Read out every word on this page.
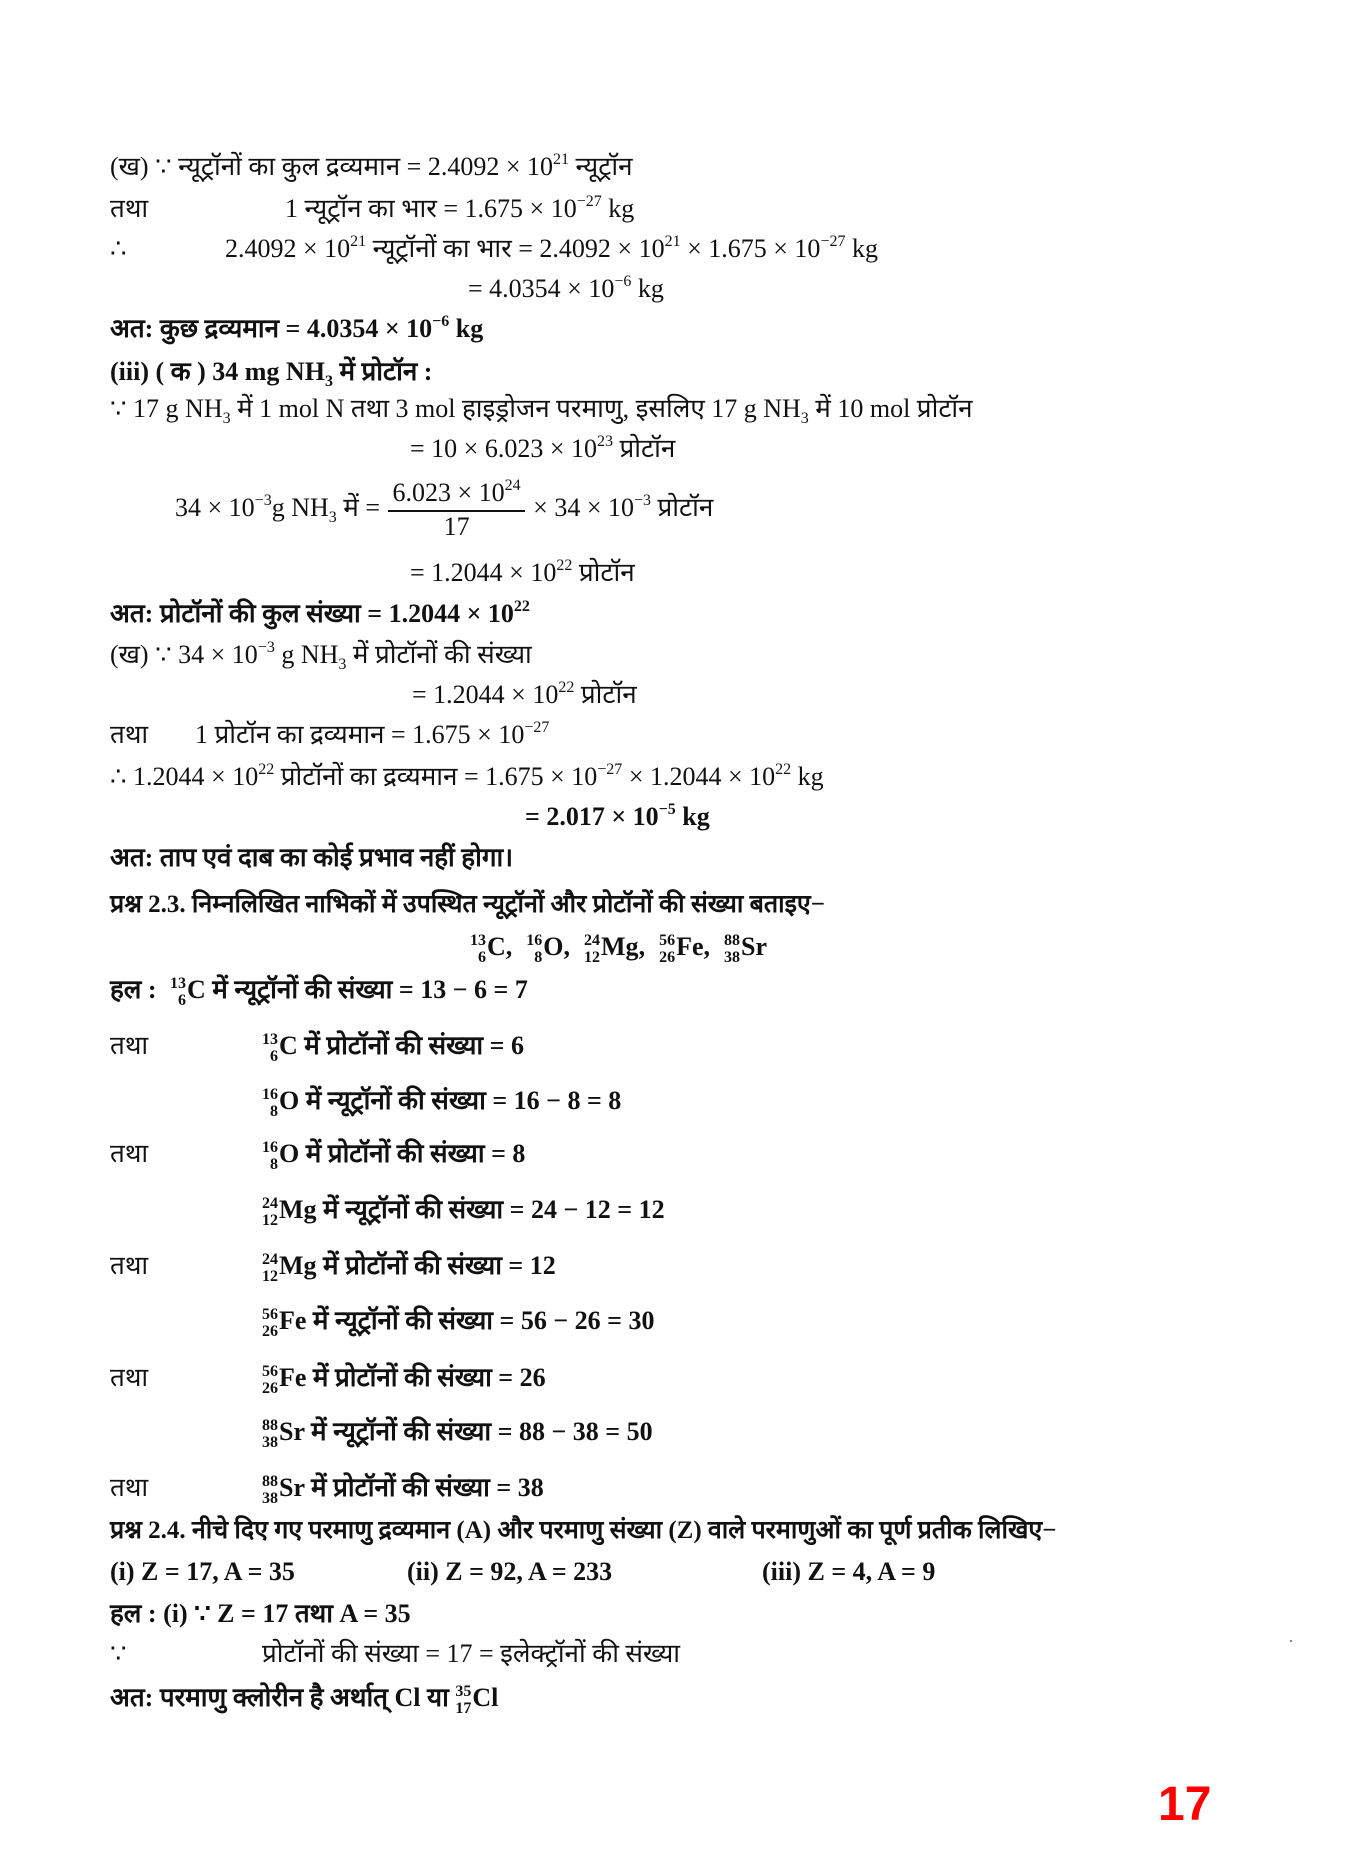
(ख) ∵ न्यूट्रॉनों का कुल द्रव्यमान = $2.4092 \times 10^{21}$ न्यूट्रॉन
तथा	1 न्यूट्रॉन का भार = $1.675 \times 10^{-27}$ kg
∴	$2.4092 \times 10^{21}$ न्यूट्रॉनों का भार = $2.4092 \times 10^{21} \times 1.675 \times 10^{-27}$ kg
= $4.0354 \times 10^{-6}$ kg
अत: कुछ द्रव्यमान = $4.0354 \times 10^{-6}$ kg
(iii) ( क ) 34 mg $NH_3$ में प्रोटॉन :
∵ 17 g $NH_3$ में 1 mol N तथा 3 mol हाइड्रोजन परमाणु, इसलिए 17 g $NH_3$ में 10 mol प्रोटॉन
= $10 \times 6.023 \times 10^{23}$ प्रोटॉन
$34 \times 10^{-3}g$ $NH_3$ में = $\frac{6.023 \times 10^{24}}{17} \times 34 \times 10^{-3}$ प्रोटॉन
= $1.2044 \times 10^{22}$ प्रोटॉन
अत: प्रोटॉनों की कुल संख्या = $1.2044 \times 10^{22}$
(ख) ∵ $34 \times 10^{-3}$ g $NH_3$ में प्रोटॉनों की संख्या
= $1.2044 \times 10^{22}$ प्रोटॉन
तथा 1 प्रोटॉन का द्रव्यमान = $1.675 \times 10^{-27}$
∴ $1.2044 \times 10^{22}$ प्रोटॉनों का द्रव्यमान = $1.675 \times 10^{-27} \times 1.2044 \times 10^{22}$ kg
= $2.017 \times 10^{-5}$ kg
अत: ताप एवं दाब का कोई प्रभाव नहीं होगा।
प्रश्न 2.3. निम्नलिखित नाभिकों में उपस्थित न्यूट्रॉनों और प्रोटॉनों की संख्या बताइए−
13
6 C, 16
8 O, 24
12 Mg, 56
26 Fe, 88
38 Sr
हल : 13
6 C में न्यूट्रॉनों की संख्या = 13 − 6 = 7
तथा	13
6 C में प्रोटॉनों की संख्या = 6
16
8 O में न्यूट्रॉनों की संख्या = 16 − 8 = 8
तथा	16
8 O में प्रोटॉनों की संख्या = 8
24
12 Mg में न्यूट्रॉनों की संख्या = 24 − 12 = 12
तथा	24
12 Mg में प्रोटॉनों की संख्या = 12
56
26 Fe में न्यूट्रॉनों की संख्या = 56 − 26 = 30
तथा	56
26 Fe में प्रोटॉनों की संख्या = 26
88
38 Sr में न्यूट्रॉनों की संख्या = 88 − 38 = 50
तथा	88
38 Sr में प्रोटॉनों की संख्या = 38
प्रश्न 2.4. नीचे दिए गए परमाणु द्रव्यमान (A) और परमाणु संख्या (Z) वाले परमाणुओं का पूर्ण प्रतीक लिखिए−
(i) Z = 17, A = 35	(ii) Z = 92, A = 233	(iii) Z = 4, A = 9
हल : (i) ∵ Z = 17 तथा A = 35
∵	प्रोटॉनों की संख्या = 17 = इलेक्ट्रॉनों की संख्या
अत: परमाणु क्लोरीन है अर्थात् Cl या 35
17 Cl
17
